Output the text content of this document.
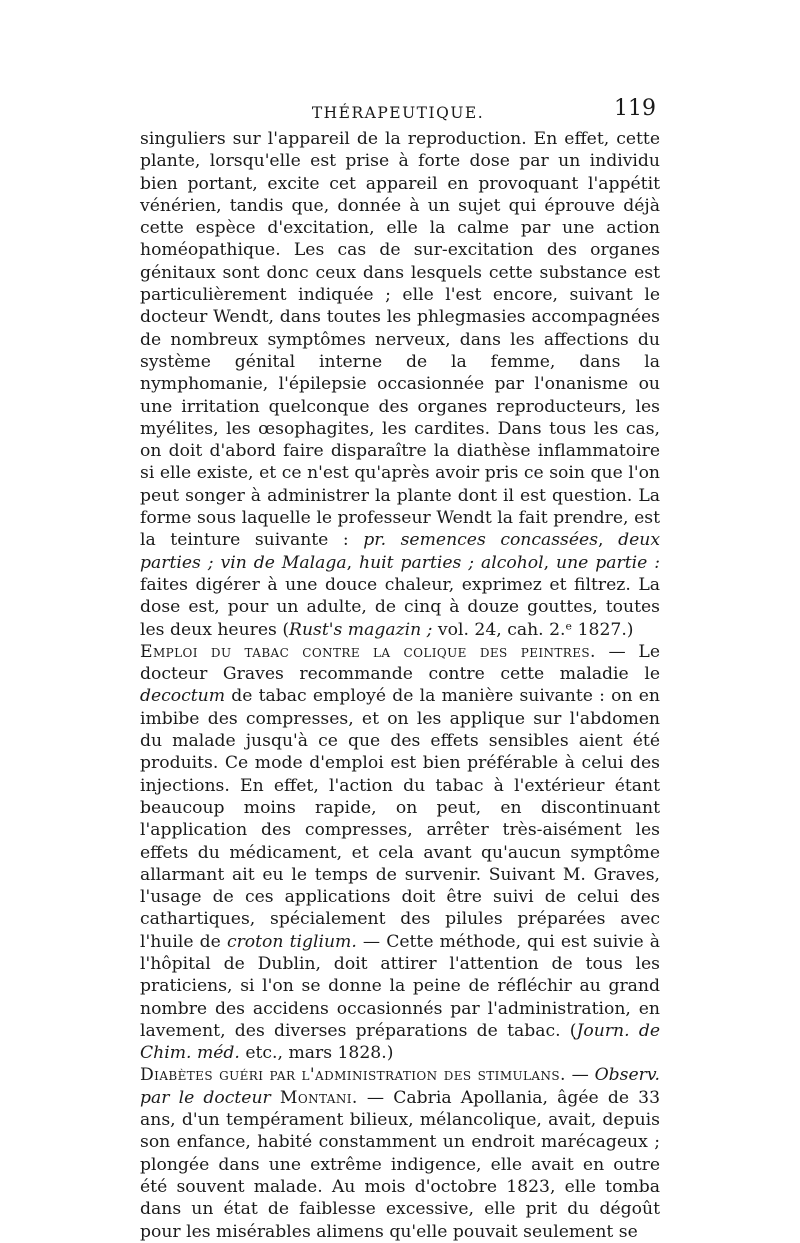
THÉRAPEUTIQUE.	119

singuliers sur l'appareil de la reproduction. En effet, cette plante, lorsqu'elle est prise à forte dose par un individu bien portant, excite cet appareil en provoquant l'appétit vénérien, tandis que, donnée à un sujet qui éprouve déjà cette espèce d'excitation, elle la calme par une action homéopathique. Les cas de sur-excitation des organes génitaux sont donc ceux dans lesquels cette substance est particulièrement indiquée ; elle l'est encore, suivant le docteur Wendt, dans toutes les phlegmasies accompagnées de nombreux symptômes nerveux, dans les affections du système génital interne de la femme, dans la nymphomanie, l'épilepsie occasionnée par l'onanisme ou une irritation quelconque des organes reproducteurs, les myélites, les œsophagites, les cardites. Dans tous les cas, on doit d'abord faire disparaître la diathèse inflammatoire si elle existe, et ce n'est qu'après avoir pris ce soin que l'on peut songer à administrer la plante dont il est question. La forme sous laquelle le professeur Wendt la fait prendre, est la teinture suivante : pr. semences concassées, deux parties ; vin de Malaga, huit parties ; alcohol, une partie : faites digérer à une douce chaleur, exprimez et filtrez. La dose est, pour un adulte, de cinq à douze gouttes, toutes les deux heures (Rust's magazin ; vol. 24, cah. 2.ᵉ 1827.)

Emploi du tabac contre la colique des peintres. — Le docteur Graves recommande contre cette maladie le decoctum de tabac employé de la manière suivante : on en imbibe des compresses, et on les applique sur l'abdomen du malade jusqu'à ce que des effets sensibles aient été produits. Ce mode d'emploi est bien préférable à celui des injections. En effet, l'action du tabac à l'extérieur étant beaucoup moins rapide, on peut, en discontinuant l'application des compresses, arrêter très-aisément les effets du médicament, et cela avant qu'aucun symptôme allarmant ait eu le temps de survenir. Suivant M. Graves, l'usage de ces applications doit être suivi de celui des cathartiques, spécialement des pilules préparées avec l'huile de croton tiglium. — Cette méthode, qui est suivie à l'hôpital de Dublin, doit attirer l'attention de tous les praticiens, si l'on se donne la peine de réfléchir au grand nombre des accidens occasionnés par l'administration, en lavement, des diverses préparations de tabac. (Journ. de Chim. méd. etc., mars 1828.)

Diabètes guéri par l'administration des stimulans. — Observ. par le docteur Montani. — Cabria Apollania, âgée de 33 ans, d'un tempérament bilieux, mélancolique, avait, depuis son enfance, habité constamment un endroit marécageux ; plongée dans une extrême indigence, elle avait en outre été souvent malade. Au mois d'octobre 1823, elle tomba dans un état de faiblesse excessive, elle prit du dégoût pour les misérables alimens qu'elle pouvait seulement se
